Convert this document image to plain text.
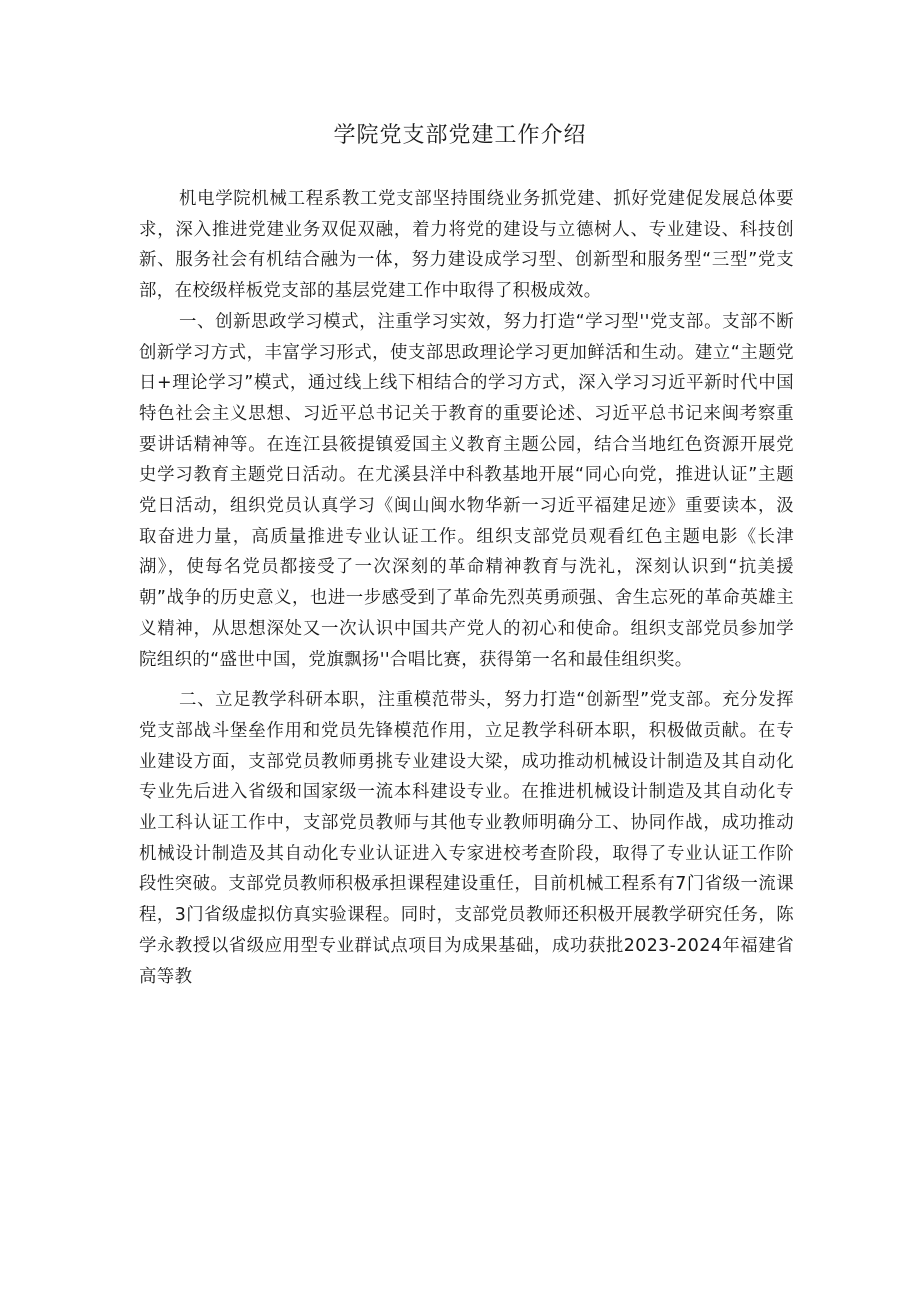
学院党支部党建工作介绍

机电学院机械工程系教工党支部坚持围绕业务抓党建、抓好党建促发展总体要求，深入推进党建业务双促双融，着力将党的建设与立德树人、专业建设、科技创新、服务社会有机结合融为一体，努力建设成学习型、创新型和服务型“三型”党支部，在校级样板党支部的基层党建工作中取得了积极成效。

一、创新思政学习模式，注重学习实效，努力打造“学习型''党支部。支部不断创新学习方式，丰富学习形式，使支部思政理论学习更加鲜活和生动。建立“主题党日+理论学习”模式，通过线上线下相结合的学习方式，深入学习习近平新时代中国特色社会主义思想、习近平总书记关于教育的重要论述、习近平总书记来闽考察重要讲话精神等。在连江县筱提镇爱国主义教育主题公园，结合当地红色资源开展党史学习教育主题党日活动。在尤溪县洋中科教基地开展“同心向党，推进认证”主题党日活动，组织党员认真学习《闽山闽水物华新一习近平福建足迹》重要读本，汲取奋进力量，高质量推进专业认证工作。组织支部党员观看红色主题电影《长津湖》，使每名党员都接受了一次深刻的革命精神教育与洗礼，深刻认识到“抗美援朝”战争的历史意义，也进一步感受到了革命先烈英勇顽强、舍生忘死的革命英雄主义精神，从思想深处又一次认识中国共产党人的初心和使命。组织支部党员参加学院组织的“盛世中国，党旗飘扬''合唱比赛，获得第一名和最佳组织奖。

二、立足教学科研本职，注重模范带头，努力打造“创新型”党支部。充分发挥党支部战斗堡垒作用和党员先锋模范作用，立足教学科研本职，积极做贡献。在专业建设方面，支部党员教师勇挑专业建设大梁，成功推动机械设计制造及其自动化专业先后进入省级和国家级一流本科建设专业。在推进机械设计制造及其自动化专业工科认证工作中，支部党员教师与其他专业教师明确分工、协同作战，成功推动机械设计制造及其自动化专业认证进入专家进校考查阶段，取得了专业认证工作阶段性突破。支部党员教师积极承担课程建设重任，目前机械工程系有7门省级一流课程，3门省级虚拟仿真实验课程。同时，支部党员教师还积极开展教学研究任务，陈学永教授以省级应用型专业群试点项目为成果基础，成功获批2023-2024年福建省高等教
